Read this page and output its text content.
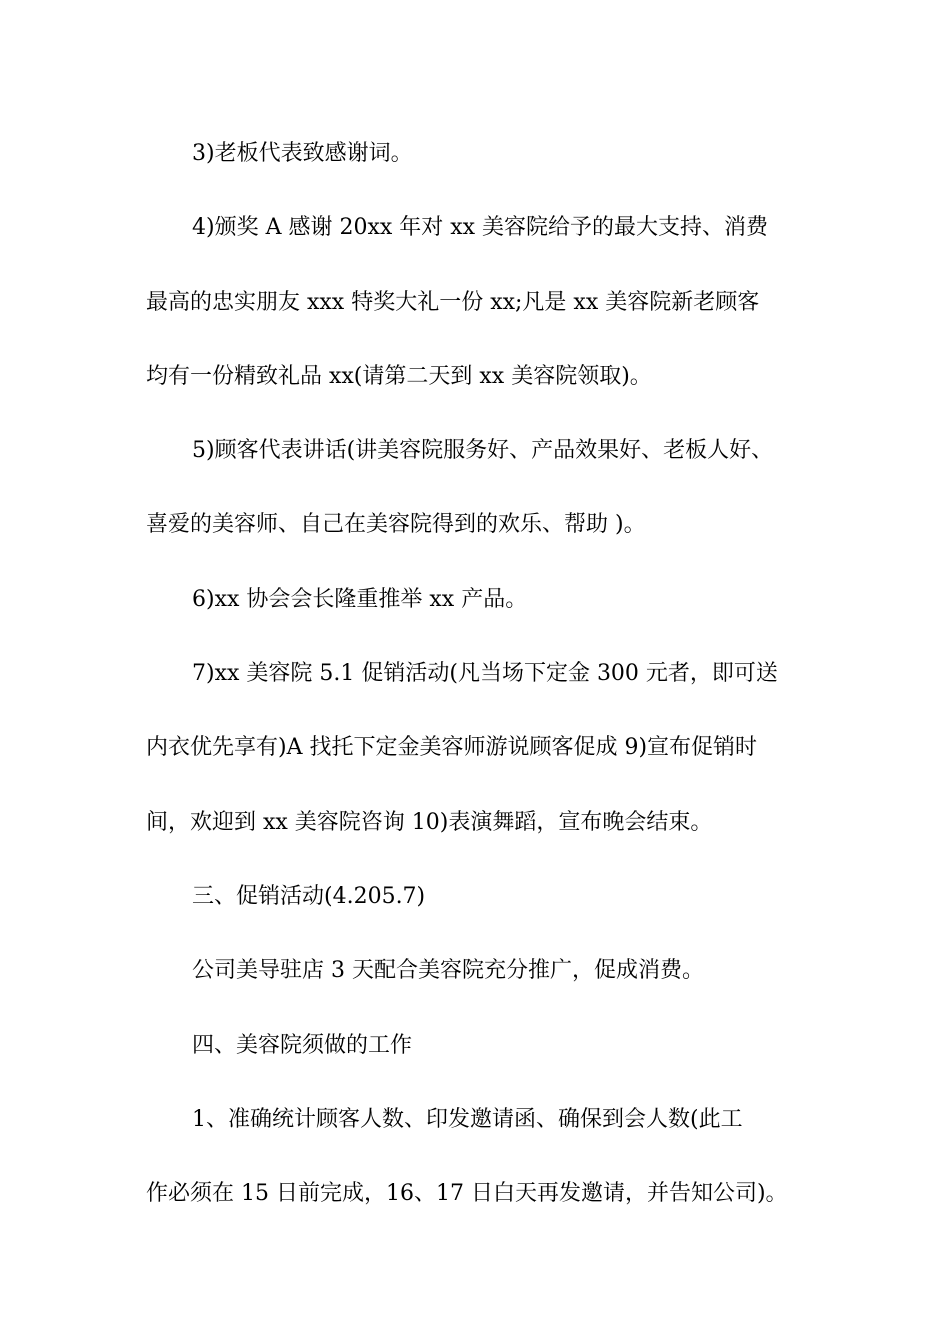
3)老板代表致感谢词。
4)颁奖 A 感谢 20xx 年对 xx 美容院给予的最大支持、消费
最高的忠实朋友 xxx 特奖大礼一份 xx;凡是 xx 美容院新老顾客
均有一份精致礼品 xx(请第二天到 xx 美容院领取)。
5)顾客代表讲话(讲美容院服务好、产品效果好、老板人好、
喜爱的美容师、自己在美容院得到的欢乐、帮助 )。
6)xx 协会会长隆重推举 xx 产品。
7)xx 美容院 5.1 促销活动(凡当场下定金 300 元者，即可送
内衣优先享有)A 找托下定金美容师游说顾客促成 9)宣布促销时
间，欢迎到 xx 美容院咨询 10)表演舞蹈，宣布晚会结束。
三、促销活动(4.205.7)
公司美导驻店 3 天配合美容院充分推广，促成消费。
四、美容院须做的工作
1、准确统计顾客人数、印发邀请函、确保到会人数(此工
作必须在 15 日前完成，16、17 日白天再发邀请，并告知公司)。
